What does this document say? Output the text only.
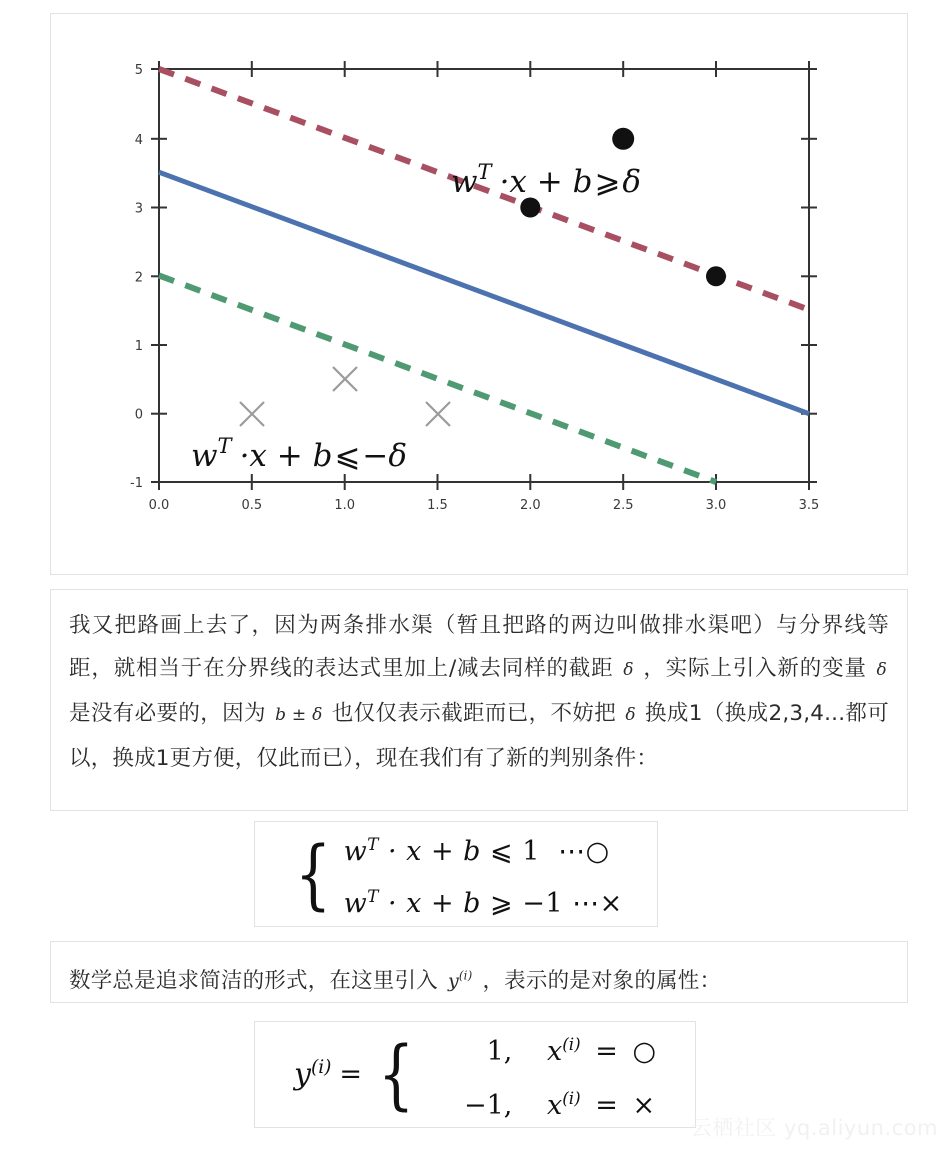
5
4
3
2
1
0
-1
0.0	0.5	1.0	1.5	2.0	2.5	3.0	3.5
$w^T \cdot x$ + b⩾δ
$w^T \cdot x$ + b⩽−δ
我又把路画上去了，因为两条排水渠（暂且把路的两边叫做排水渠吧）与分界线等距，就相当于在分界线的表达式里加上/减去同样的截距 δ ，实际上引入新的变量 δ 是没有必要的，因为 b ± δ 也仅仅表示截距而已，不妨把 δ 换成1（换成2,3,4...都可以，换成1更方便，仅此而已），现在我们有了新的判别条件：
{ $w^T \cdot x + b$ ⩽ 1 ⋯○
$w^T \cdot x + b$ ⩾ −1 ⋯×
数学总是追求简洁的形式，在这里引入 $y^{(i)}$ ，表示的是对象的属性：
$y^{(i)}$ = {	1, $x^{(i)}$ = ○
−1, $x^{(i)}$ = ×
云栖社区 yq.aliyun.com
